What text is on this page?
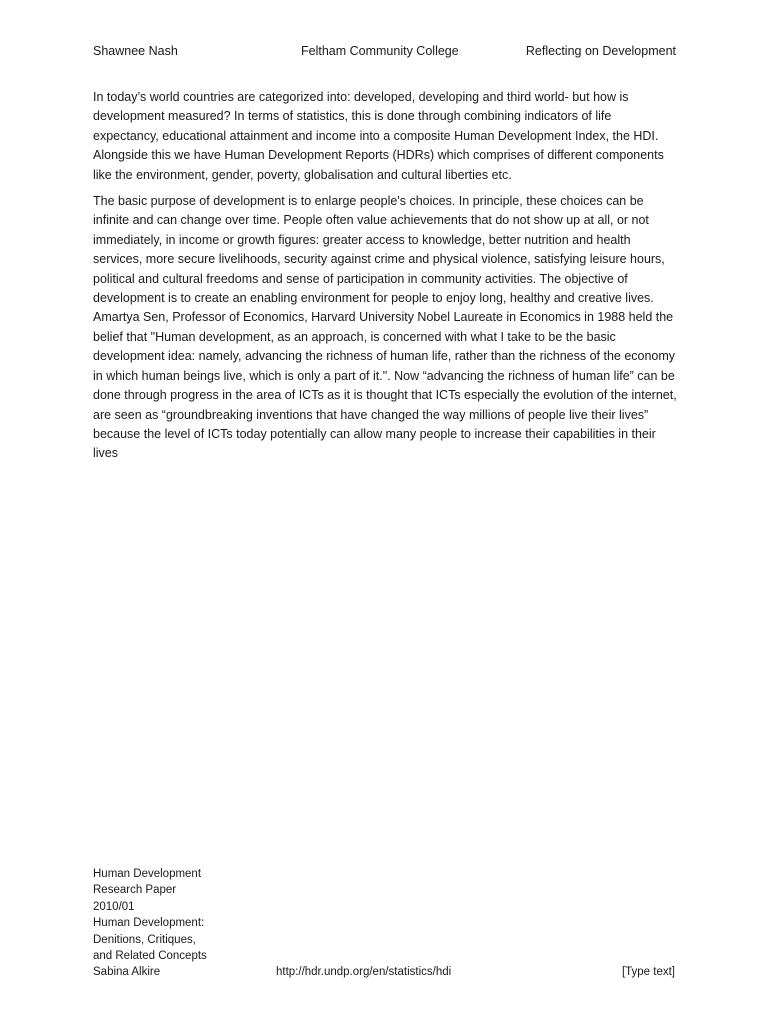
Shawnee Nash	Feltham Community College	Reflecting on Development

In today’s world countries are categorized into: developed, developing and third world- but how is development measured? In terms of statistics, this is done through combining indicators of life expectancy, educational attainment and income into a composite Human Development Index, the HDI. Alongside this we have Human Development Reports (HDRs) which comprises of different components like the environment, gender, poverty, globalisation and cultural liberties etc.

The basic purpose of development is to enlarge people's choices. In principle, these choices can be infinite and can change over time. People often value achievements that do not show up at all, or not immediately, in income or growth figures: greater access to knowledge, better nutrition and health services, more secure livelihoods, security against crime and physical violence, satisfying leisure hours, political and cultural freedoms and sense of participation in community activities. The objective of development is to create an enabling environment for people to enjoy long, healthy and creative lives. Amartya Sen, Professor of Economics, Harvard University Nobel Laureate in Economics in 1988 held the belief that "Human development, as an approach, is concerned with what I take to be the basic development idea: namely, advancing the richness of human life, rather than the richness of the economy in which human beings live, which is only a part of it.". Now “advancing the richness of human life” can be done through progress in the area of ICTs as it is thought that ICTs especially the evolution of the internet, are seen as “groundbreaking inventions that have changed the way millions of people live their lives” because the level of ICTs today potentially can allow many people to increase their capabilities in their lives

Human Development
Research Paper
2010/01
Human Development:
Denitions, Critiques,
and Related Concepts
Sabina Alkire	http://hdr.undp.org/en/statistics/hdi	[Type text]
